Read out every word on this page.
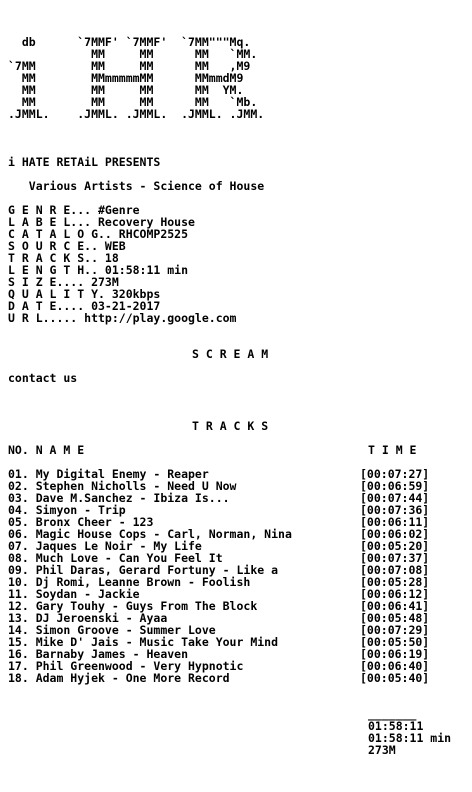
db      `7MMF' `7MMF'  `7MM"""Mq.
MM     MM      MM   `MM.
`7MM        MM     MM      MM   ,M9
MM        MMmmmmmMM      MMmmdM9
MM        MM     MM      MM  YM.
MM        MM     MM      MM   `Mb.
.JMML.    .JMML. .JMML.  .JMML. .JMM.
i HATE RETAiL PRESENTS
Various Artists - Science of House
G E N R E... #Genre
L A B E L... Recovery House
C A T A L O G.. RHCOMP2525
S O U R C E.. WEB
T R A C K S.. 18
L E N G T H.. 01:58:11 min
S I Z E.... 273M
Q U A L I T Y. 320kbps
D A T E.... 03-21-2017
U R L..... http://play.google.com
S C R E A M
contact us
T R A C K S
NO. N A M E	T I M E
01. My Digital Enemy - Reaper	[00:07:27]
02. Stephen Nicholls - Need U Now	[00:06:59]
03. Dave M.Sanchez - Ibiza Is...	[00:07:44]
04. Simyon - Trip	[00:07:36]
05. Bronx Cheer - 123	[00:06:11]
06. Magic House Cops - Carl, Norman, Nina	[00:06:02]
07. Jaques Le Noir - My Life	[00:05:20]
08. Much Love - Can You Feel It	[00:07:37]
09. Phil Daras, Gerard Fortuny - Like a	[00:07:08]
10. Dj Romi, Leanne Brown - Foolish	[00:05:28]
11. Soydan - Jackie	[00:06:12]
12. Gary Touhy - Guys From The Block	[00:06:41]
13. DJ Jeroenski - Ayaa	[00:05:48]
14. Simon Groove - Summer Love	[00:07:29]
15. Mike D' Jais - Music Take Your Mind	[00:05:50]
16. Barnaby James - Heaven	[00:06:19]
17. Phil Greenwood - Very Hypnotic	[00:06:40]
18. Adam Hyjek - One More Record	[00:05:40]
_______
01:58:11
01:58:11 min
273M
